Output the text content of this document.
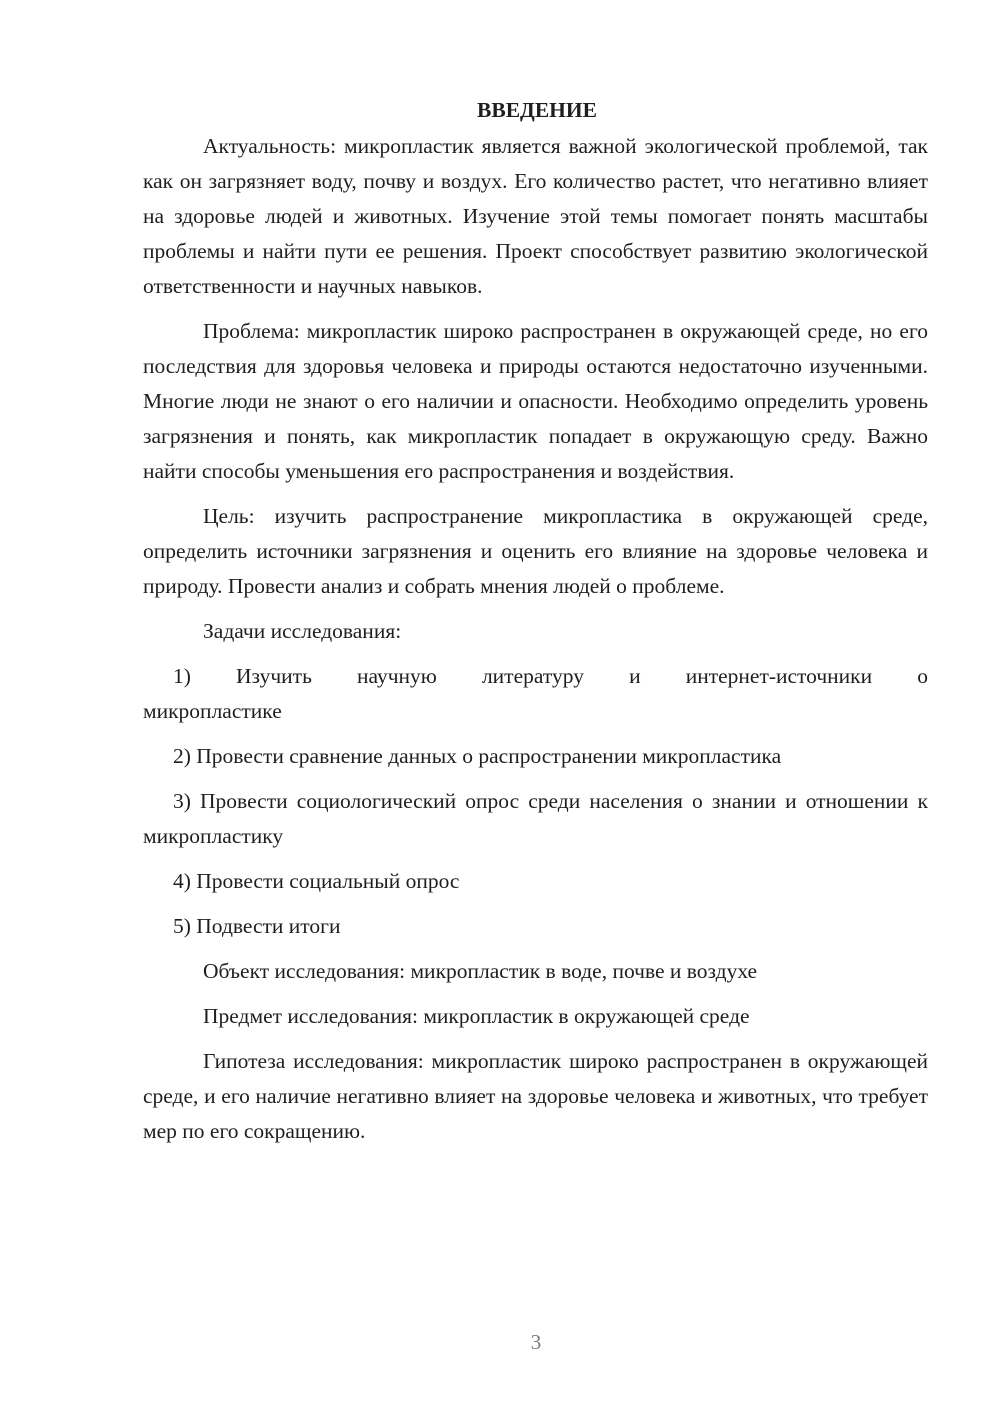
ВВЕДЕНИЕ

Актуальность: микропластик является важной экологической проблемой, так как он загрязняет воду, почву и воздух. Его количество растет, что негативно влияет на здоровье людей и животных. Изучение этой темы помогает понять масштабы проблемы и найти пути ее решения. Проект способствует развитию экологической ответственности и научных навыков.

Проблема: микропластик широко распространен в окружающей среде, но его последствия для здоровья человека и природы остаются недостаточно изученными. Многие люди не знают о его наличии и опасности. Необходимо определить уровень загрязнения и понять, как микропластик попадает в окружающую среду. Важно найти способы уменьшения его распространения и воздействия.

Цель: изучить распространение микропластика в окружающей среде, определить источники загрязнения и оценить его влияние на здоровье человека и природу. Провести анализ и собрать мнения людей о проблеме.

Задачи исследования:

1) Изучить научную литературу и интернет-источники о микропластике

2) Провести сравнение данных о распространении микропластика

3) Провести социологический опрос среди населения о знании и отношении к микропластику

4) Провести социальный опрос

5) Подвести итоги

Объект исследования: микропластик в воде, почве и воздухе

Предмет исследования: микропластик в окружающей среде

Гипотеза исследования: микропластик широко распространен в окружающей среде, и его наличие негативно влияет на здоровье человека и животных, что требует мер по его сокращению.

3
